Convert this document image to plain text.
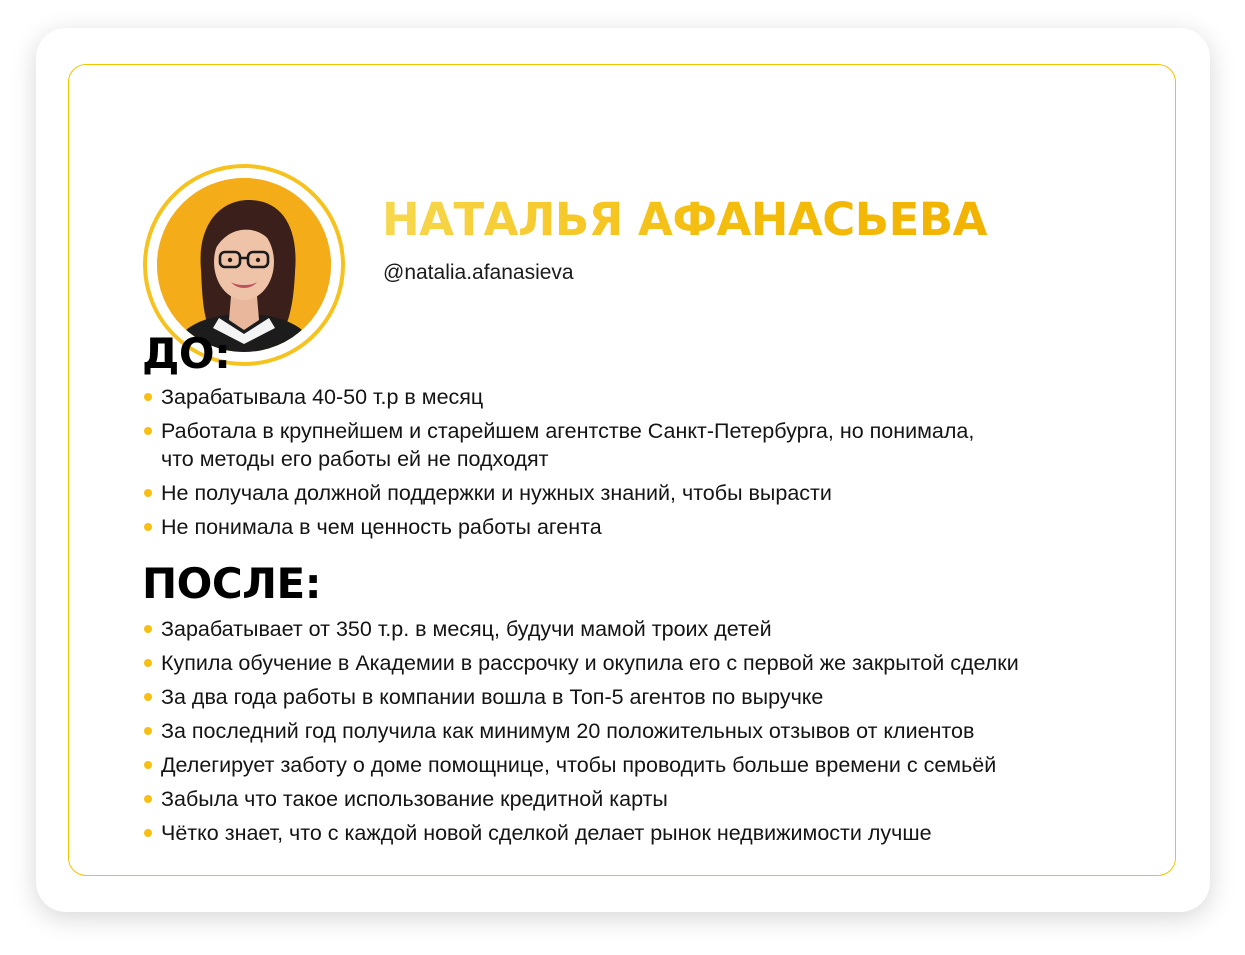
НАТАЛЬЯ АФАНАСЬЕВА
@natalia.afanasieva
ДО:
Зарабатывала 40-50 т.р в месяц
Работала в крупнейшем и старейшем агентстве Санкт-Петербурга, но понимала,
что методы его работы ей не подходят
Не получала должной поддержки и нужных знаний, чтобы вырасти
Не понимала в чем ценность работы агента
ПОСЛЕ:
Зарабатывает от 350 т.р. в месяц, будучи мамой троих детей
Купила обучение в Академии в рассрочку и окупила его с первой же закрытой сделки
За два года работы в компании вошла в Топ-5 агентов по выручке
За последний год получила как минимум 20 положительных отзывов от клиентов
Делегирует заботу о доме помощнице, чтобы проводить больше времени с семьёй
Забыла что такое использование кредитной карты
Чётко знает, что с каждой новой сделкой делает рынок недвижимости лучше
